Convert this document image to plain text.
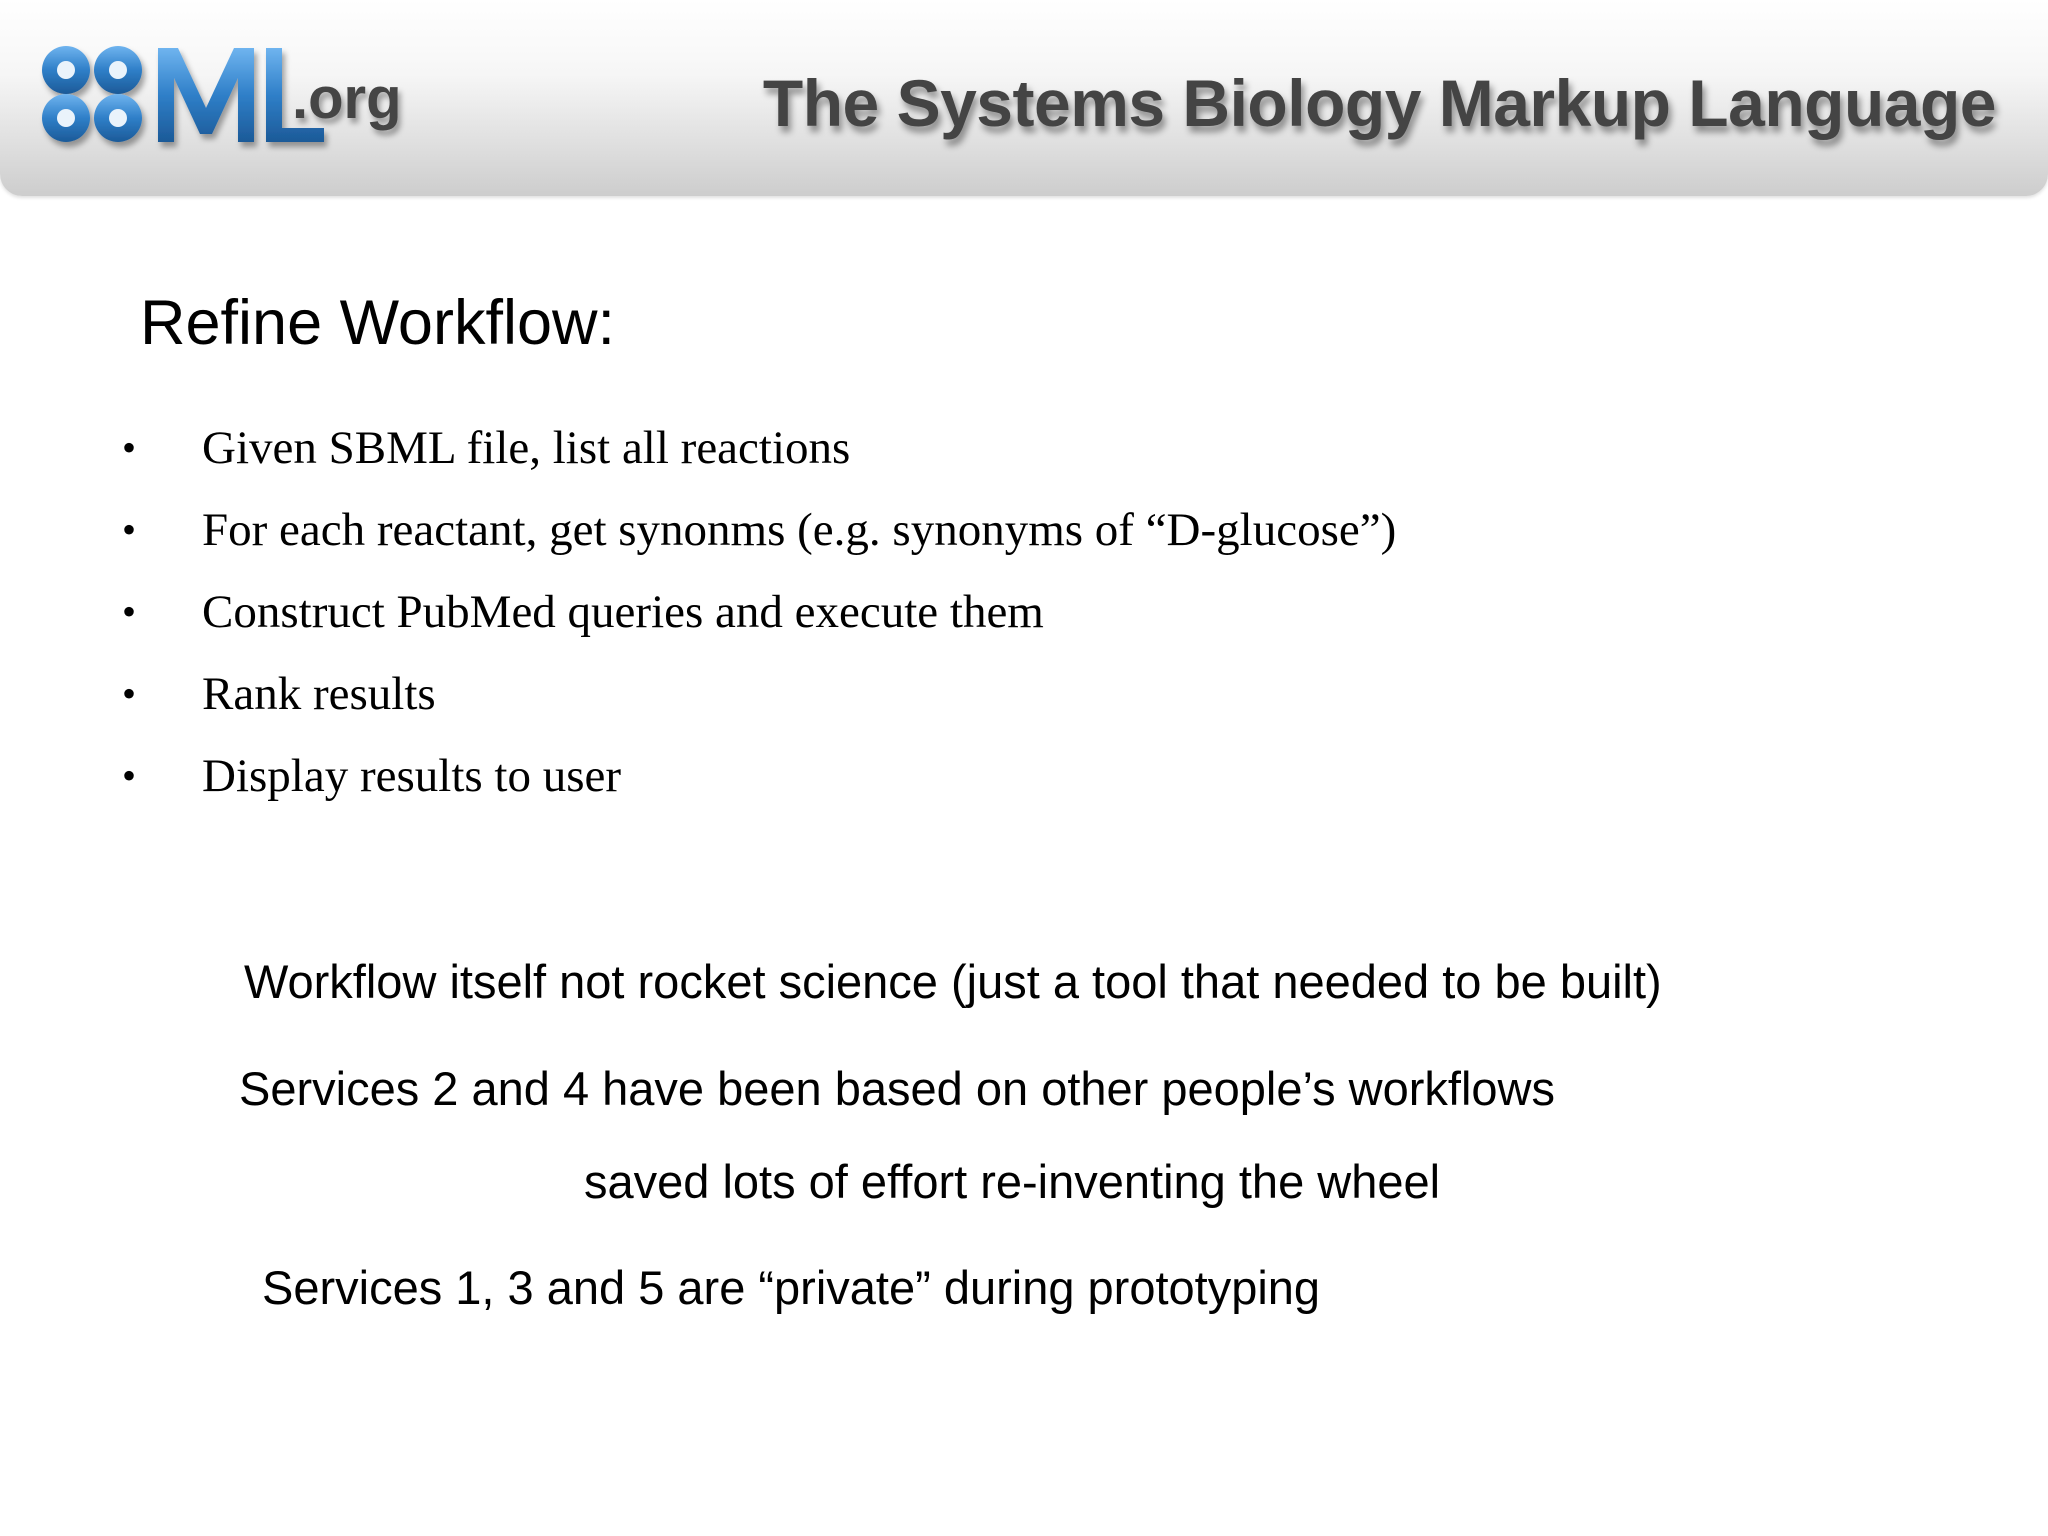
.org	The Systems Biology Markup Language
Refine Workflow:
• Given SBML file, list all reactions
• For each reactant, get synonms (e.g. synonyms of “D-glucose”)
• Construct PubMed queries and execute them
• Rank results
• Display results to user
Workflow itself not rocket science (just a tool that needed to be built)
Services 2 and 4 have been based on other people’s workflows
saved lots of effort re-inventing the wheel
Services 1, 3 and 5 are “private” during prototyping
